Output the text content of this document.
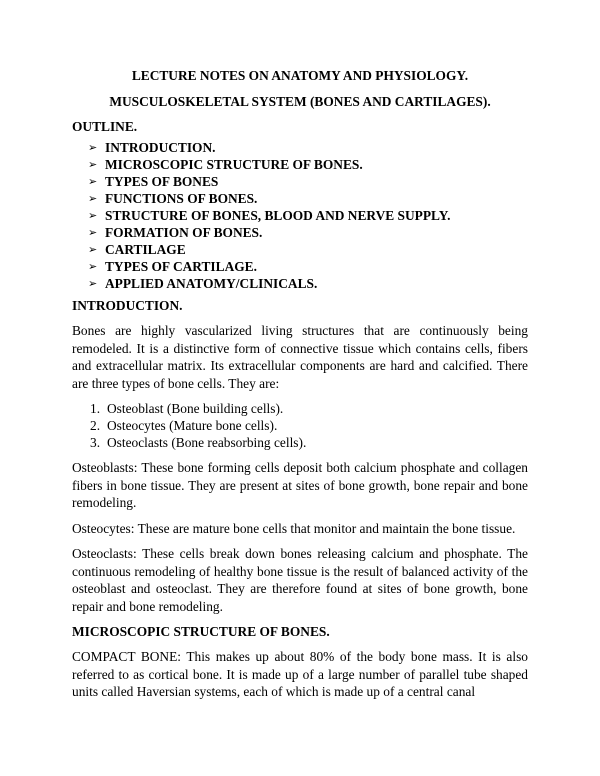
LECTURE NOTES ON ANATOMY AND PHYSIOLOGY.

MUSCULOSKELETAL SYSTEM (BONES AND CARTILAGES).

OUTLINE.

➢ INTRODUCTION.
➢ MICROSCOPIC STRUCTURE OF BONES.
➢ TYPES OF BONES
➢ FUNCTIONS OF BONES.
➢ STRUCTURE OF BONES, BLOOD AND NERVE SUPPLY.
➢ FORMATION OF BONES.
➢ CARTILAGE
➢ TYPES OF CARTILAGE.
➢ APPLIED ANATOMY/CLINICALS.

INTRODUCTION.

Bones are highly vascularized living structures that are continuously being remodeled. It is a distinctive form of connective tissue which contains cells, fibers and extracellular matrix. Its extracellular components are hard and calcified. There are three types of bone cells. They are:

1. Osteoblast (Bone building cells).
2. Osteocytes (Mature bone cells).
3. Osteoclasts (Bone reabsorbing cells).

Osteoblasts: These bone forming cells deposit both calcium phosphate and collagen fibers in bone tissue. They are present at sites of bone growth, bone repair and bone remodeling.

Osteocytes: These are mature bone cells that monitor and maintain the bone tissue.

Osteoclasts: These cells break down bones releasing calcium and phosphate. The continuous remodeling of healthy bone tissue is the result of balanced activity of the osteoblast and osteoclast. They are therefore found at sites of bone growth, bone repair and bone remodeling.

MICROSCOPIC STRUCTURE OF BONES.

COMPACT BONE: This makes up about 80% of the body bone mass. It is also referred to as cortical bone. It is made up of a large number of parallel tube shaped units called Haversian systems, each of which is made up of a central canal
